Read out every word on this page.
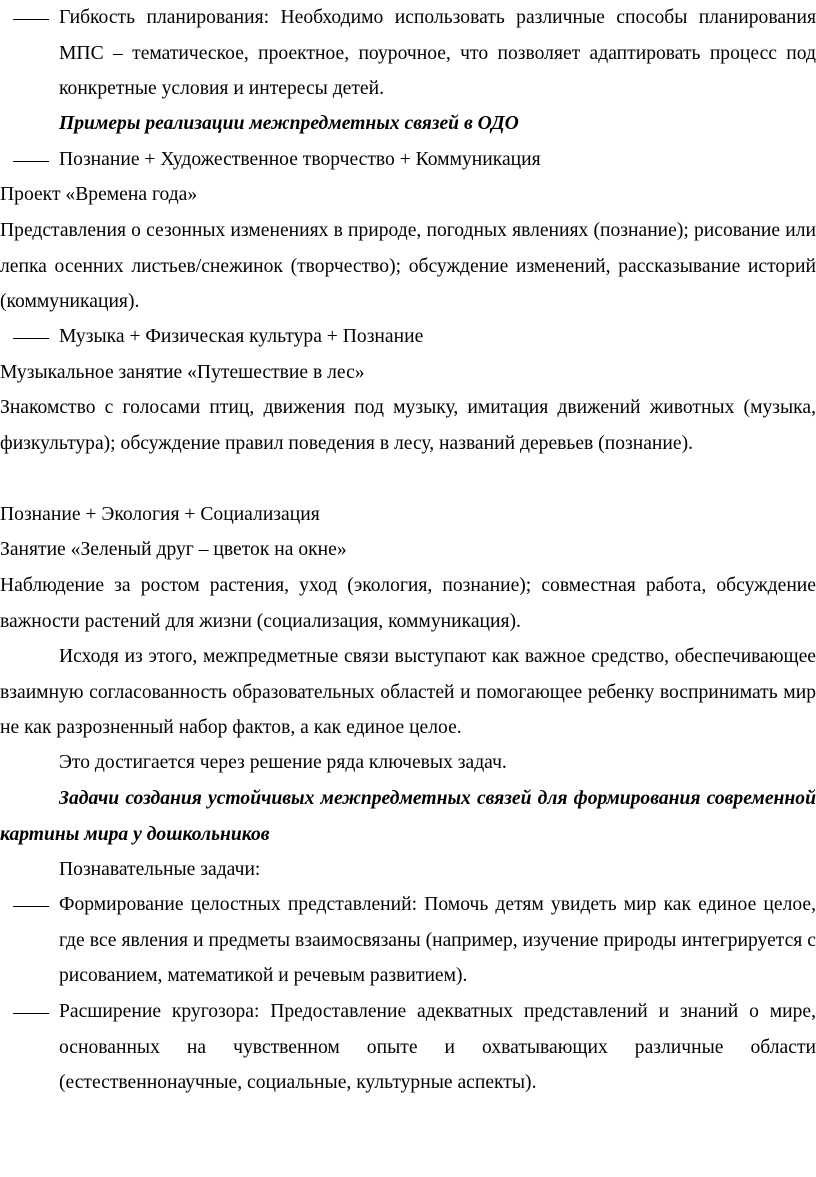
Гибкость планирования: Необходимо использовать различные способы планирования МПС – тематическое, проектное, поурочное, что позволяет адаптировать процесс под конкретные условия и интересы детей.

Примеры реализации межпредметных связей в ОДО

Познание + Художественное творчество + Коммуникация

Проект «Времена года»

Представления о сезонных изменениях в природе, погодных явлениях (познание); рисование или лепка осенних листьев/снежинок (творчество); обсуждение изменений, рассказывание историй (коммуникация).

Музыка + Физическая культура + Познание

Музыкальное занятие «Путешествие в лес»

Знакомство с голосами птиц, движения под музыку, имитация движений животных (музыка, физкультура); обсуждение правил поведения в лесу, названий деревьев (познание).

Познание + Экология + Социализация

Занятие «Зеленый друг – цветок на окне»

Наблюдение за ростом растения, уход (экология, познание); совместная работа, обсуждение важности растений для жизни (социализация, коммуникация).

Исходя из этого, межпредметные связи выступают как важное средство, обеспечивающее взаимную согласованность образовательных областей и помогающее ребенку воспринимать мир не как разрозненный набор фактов, а как единое целое.

Это достигается через решение ряда ключевых задач.

Задачи создания устойчивых межпредметных связей для формирования современной картины мира у дошкольников

Познавательные задачи:

Формирование целостных представлений: Помочь детям увидеть мир как единое целое, где все явления и предметы взаимосвязаны (например, изучение природы интегрируется с рисованием, математикой и речевым развитием).

Расширение кругозора: Предоставление адекватных представлений и знаний о мире, основанных на чувственном опыте и охватывающих различные области (естественнонаучные, социальные, культурные аспекты).
